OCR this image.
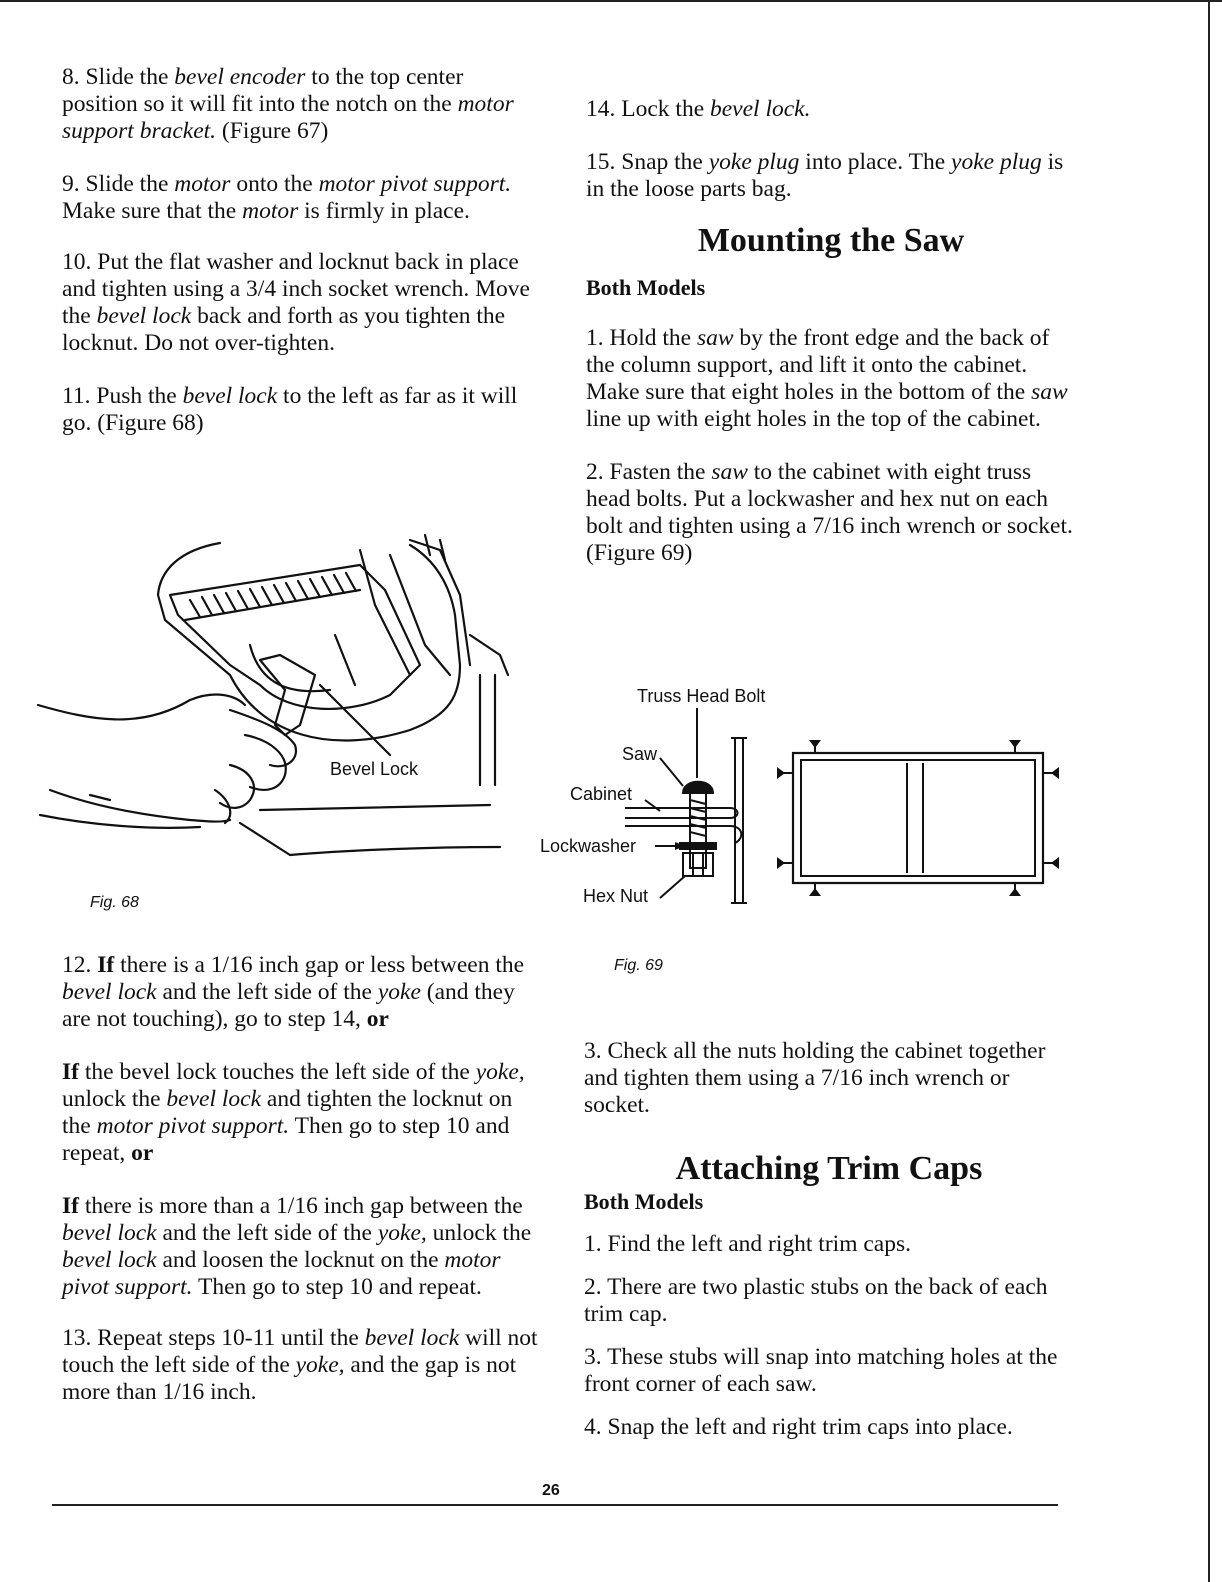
8. Slide the bevel encoder to the top center position so it will fit into the notch on the motor support bracket. (Figure 67)

9. Slide the motor onto the motor pivot support. Make sure that the motor is firmly in place.

10. Put the flat washer and locknut back in place and tighten using a 3/4 inch socket wrench. Move the bevel lock back and forth as you tighten the locknut. Do not over-tighten.

11. Push the bevel lock to the left as far as it will go. (Figure 68)

Bevel Lock
Fig. 68

12. If there is a 1/16 inch gap or less between the bevel lock and the left side of the yoke (and they are not touching), go to step 14, or

If the bevel lock touches the left side of the yoke, unlock the bevel lock and tighten the locknut on the motor pivot support. Then go to step 10 and repeat, or

If there is more than a 1/16 inch gap between the bevel lock and the left side of the yoke, unlock the bevel lock and loosen the locknut on the motor pivot support. Then go to step 10 and repeat.

13. Repeat steps 10-11 until the bevel lock will not touch the left side of the yoke, and the gap is not more than 1/16 inch.

14. Lock the bevel lock.

15. Snap the yoke plug into place. The yoke plug is in the loose parts bag.

Mounting the Saw
Both Models

1. Hold the saw by the front edge and the back of the column support, and lift it onto the cabinet. Make sure that eight holes in the bottom of the saw line up with eight holes in the top of the cabinet.

2. Fasten the saw to the cabinet with eight truss head bolts. Put a lockwasher and hex nut on each bolt and tighten using a 7/16 inch wrench or socket. (Figure 69)

Truss Head Bolt
Saw
Cabinet
Lockwasher
Hex Nut
Fig. 69

3. Check all the nuts holding the cabinet together and tighten them using a 7/16 inch wrench or socket.

Attaching Trim Caps
Both Models

1. Find the left and right trim caps.

2. There are two plastic stubs on the back of each trim cap.

3. These stubs will snap into matching holes at the front corner of each saw.

4. Snap the left and right trim caps into place.

26
